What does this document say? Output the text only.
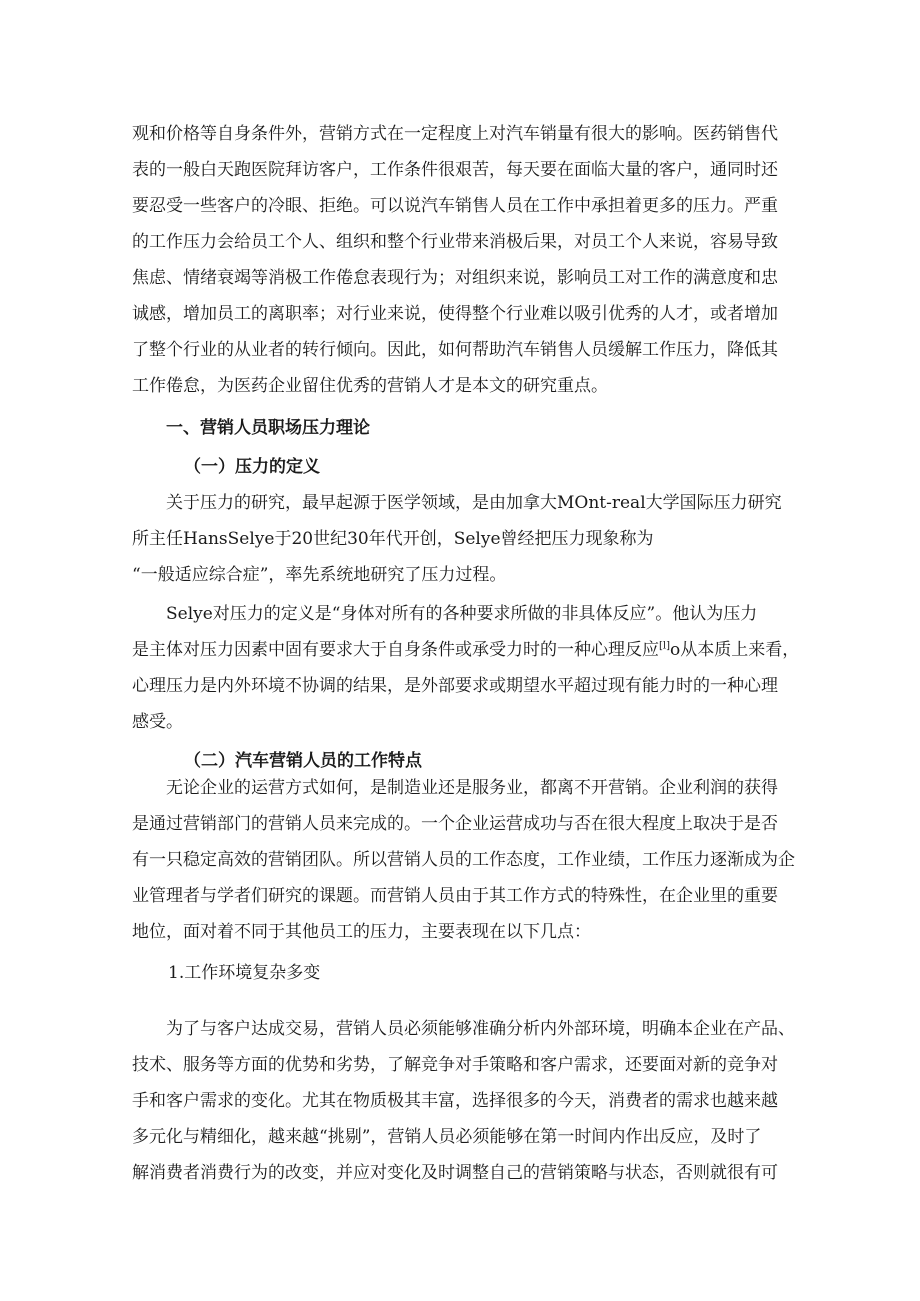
观和价格等自身条件外，营销方式在一定程度上对汽车销量有很大的影响。医药销售代
表的一般白天跑医院拜访客户，工作条件很艰苦，每天要在面临大量的客户，通同时还
要忍受一些客户的冷眼、拒绝。可以说汽车销售人员在工作中承担着更多的压力。严重
的工作压力会给员工个人、组织和整个行业带来消极后果，对员工个人来说，容易导致
焦虑、情绪衰竭等消极工作倦怠表现行为；对组织来说，影响员工对工作的满意度和忠
诚感，增加员工的离职率；对行业来说，使得整个行业难以吸引优秀的人才，或者增加
了整个行业的从业者的转行倾向。因此，如何帮助汽车销售人员缓解工作压力，降低其
工作倦怠，为医药企业留住优秀的营销人才是本文的研究重点。
一、营销人员职场压力理论
（一）压力的定义
关于压力的研究，最早起源于医学领域，是由加拿大MOnt-real大学国际压力研究
所主任HansSelye于20世纪30年代开创，Selye曾经把压力现象称为
“一般适应综合症”，率先系统地研究了压力过程。
Selye对压力的定义是“身体对所有的各种要求所做的非具体反应”。他认为压力
是主体对压力因素中固有要求大于自身条件或承受力时的一种心理反应[l]o从本质上来看，
心理压力是内外环境不协调的结果，是外部要求或期望水平超过现有能力时的一种心理
感受。
（二）汽车营销人员的工作特点
无论企业的运营方式如何，是制造业还是服务业，都离不开营销。企业利润的获得
是通过营销部门的营销人员来完成的。一个企业运营成功与否在很大程度上取决于是否
有一只稳定高效的营销团队。所以营销人员的工作态度，工作业绩，工作压力逐渐成为企
业管理者与学者们研究的课题。而营销人员由于其工作方式的特殊性，在企业里的重要
地位，面对着不同于其他员工的压力，主要表现在以下几点：
1.工作环境复杂多变
为了与客户达成交易，营销人员必须能够准确分析内外部环境，明确本企业在产品、
技术、服务等方面的优势和劣势，了解竞争对手策略和客户需求，还要面对新的竞争对
手和客户需求的变化。尤其在物质极其丰富，选择很多的今天，消费者的需求也越来越
多元化与精细化，越来越“挑剔”，营销人员必须能够在第一时间内作出反应，及时了
解消费者消费行为的改变，并应对变化及时调整自己的营销策略与状态，否则就很有可
